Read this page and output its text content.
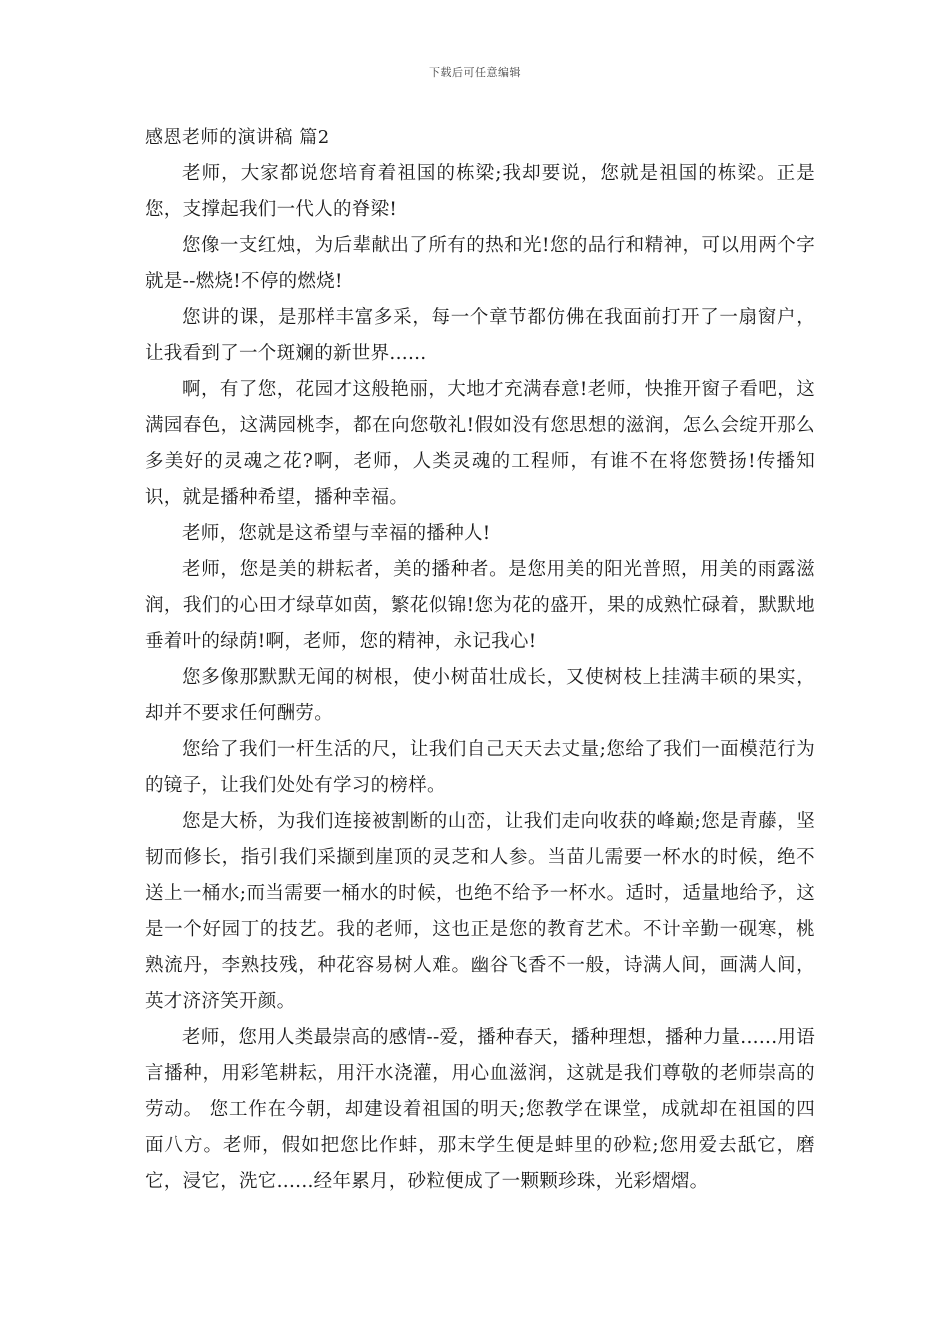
下载后可任意编辑
感恩老师的演讲稿 篇2

老师，大家都说您培育着祖国的栋梁;我却要说，您就是祖国的栋梁。正是您，支撑起我们一代人的脊梁!

您像一支红烛，为后辈献出了所有的热和光!您的品行和精神，可以用两个字就是--燃烧!不停的燃烧!

您讲的课，是那样丰富多采，每一个章节都仿佛在我面前打开了一扇窗户，让我看到了一个斑斓的新世界......

啊，有了您，花园才这般艳丽，大地才充满春意!老师，快推开窗子看吧，这满园春色，这满园桃李，都在向您敬礼!假如没有您思想的滋润，怎么会绽开那么多美好的灵魂之花?啊，老师，人类灵魂的工程师，有谁不在将您赞扬!传播知识，就是播种希望，播种幸福。

老师，您就是这希望与幸福的播种人!

老师，您是美的耕耘者，美的播种者。是您用美的阳光普照，用美的雨露滋润，我们的心田才绿草如茵，繁花似锦!您为花的盛开，果的成熟忙碌着，默默地垂着叶的绿荫!啊，老师，您的精神，永记我心!

您多像那默默无闻的树根，使小树苗壮成长，又使树枝上挂满丰硕的果实，却并不要求任何酬劳。

您给了我们一杆生活的尺，让我们自己天天去丈量;您给了我们一面模范行为的镜子，让我们处处有学习的榜样。

您是大桥，为我们连接被割断的山峦，让我们走向收获的峰巅;您是青藤，坚韧而修长，指引我们采撷到崖顶的灵芝和人参。当苗儿需要一杯水的时候，绝不送上一桶水;而当需要一桶水的时候，也绝不给予一杯水。适时，适量地给予，这是一个好园丁的技艺。我的老师，这也正是您的教育艺术。不计辛勤一砚寒，桃熟流丹，李熟技残，种花容易树人难。幽谷飞香不一般，诗满人间，画满人间，英才济济笑开颜。

老师，您用人类最崇高的感情--爱，播种春天，播种理想，播种力量......用语言播种，用彩笔耕耘，用汗水浇灌，用心血滋润，这就是我们尊敬的老师崇高的劳动。 您工作在今朝，却建设着祖国的明天;您教学在课堂，成就却在祖国的四面八方。老师，假如把您比作蚌，那末学生便是蚌里的砂粒;您用爱去舐它，磨它，浸它，洗它......经年累月，砂粒便成了一颗颗珍珠，光彩熠熠。
